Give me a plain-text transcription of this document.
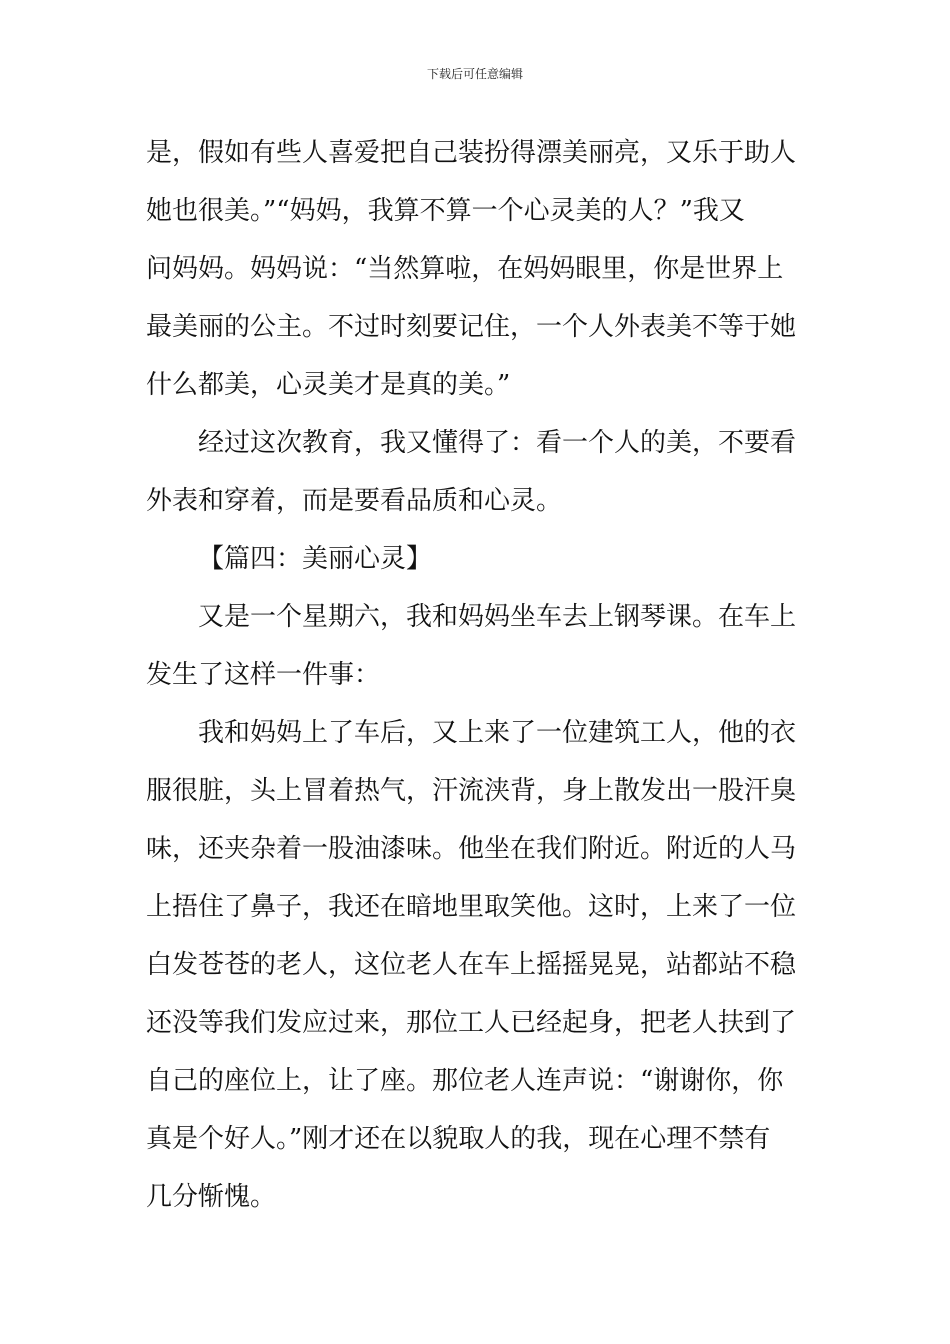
下载后可任意编辑
是，假如有些人喜爱把自己装扮得漂美丽亮，又乐于助人
她也很美。”“妈妈，我算不算一个心灵美的人？”我又
问妈妈。妈妈说：“当然算啦，在妈妈眼里，你是世界上
最美丽的公主。不过时刻要记住，一个人外表美不等于她
什么都美，心灵美才是真的美。”
经过这次教育，我又懂得了：看一个人的美，不要看
外表和穿着，而是要看品质和心灵。
【篇四：美丽心灵】
又是一个星期六，我和妈妈坐车去上钢琴课。在车上
发生了这样一件事：
我和妈妈上了车后，又上来了一位建筑工人，他的衣
服很脏，头上冒着热气，汗流浃背，身上散发出一股汗臭
味，还夹杂着一股油漆味。他坐在我们附近。附近的人马
上捂住了鼻子，我还在暗地里取笑他。这时，上来了一位
白发苍苍的老人，这位老人在车上摇摇晃晃，站都站不稳
还没等我们发应过来，那位工人已经起身，把老人扶到了
自己的座位上，让了座。那位老人连声说：“谢谢你，你
真是个好人。”刚才还在以貌取人的我，现在心理不禁有
几分惭愧。
